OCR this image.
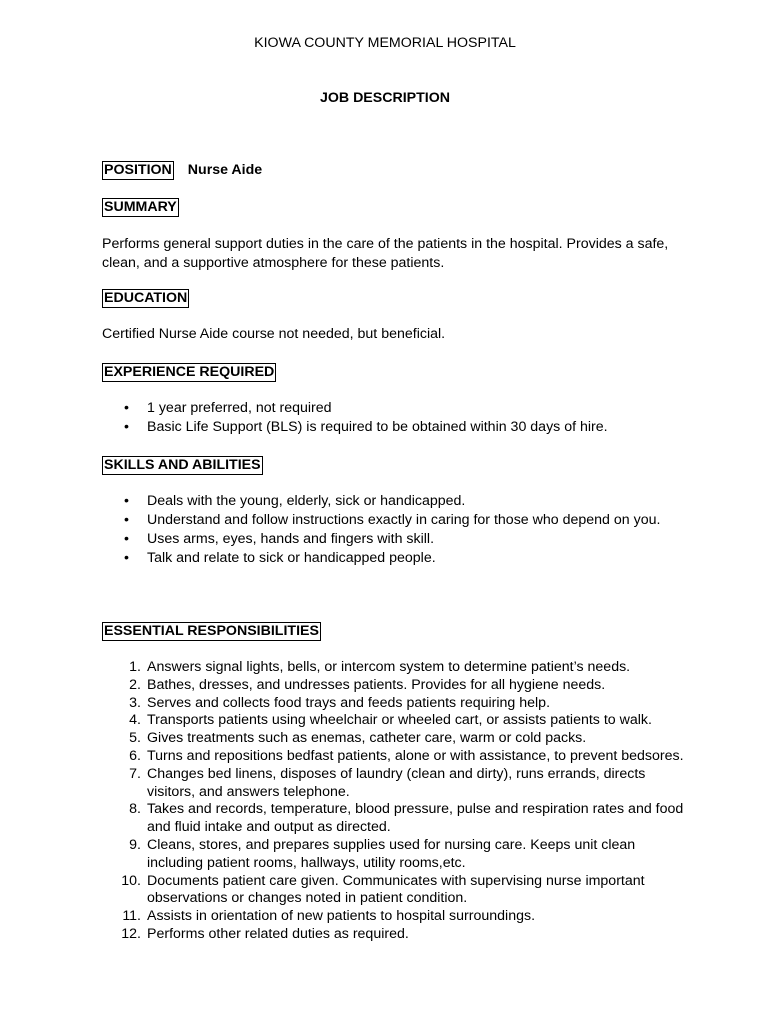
KIOWA COUNTY MEMORIAL HOSPITAL
JOB DESCRIPTION
POSITION Nurse Aide
SUMMARY

Performs general support duties in the care of the patients in the hospital. Provides a safe, clean, and a supportive atmosphere for these patients.

EDUCATION

Certified Nurse Aide course not needed, but beneficial.

EXPERIENCE REQUIRED
• 1 year preferred, not required
• Basic Life Support (BLS) is required to be obtained within 30 days of hire.
SKILLS AND ABILITIES
• Deals with the young, elderly, sick or handicapped.
• Understand and follow instructions exactly in caring for those who depend on you.
• Uses arms, eyes, hands and fingers with skill.
• Talk and relate to sick or handicapped people.
ESSENTIAL RESPONSIBILITIES
1. Answers signal lights, bells, or intercom system to determine patient’s needs.
2. Bathes, dresses, and undresses patients. Provides for all hygiene needs.
3. Serves and collects food trays and feeds patients requiring help.
4. Transports patients using wheelchair or wheeled cart, or assists patients to walk.
5. Gives treatments such as enemas, catheter care, warm or cold packs.
6. Turns and repositions bedfast patients, alone or with assistance, to prevent bedsores.
7. Changes bed linens, disposes of laundry (clean and dirty), runs errands, directs visitors, and answers telephone.
8. Takes and records, temperature, blood pressure, pulse and respiration rates and food and fluid intake and output as directed.
9. Cleans, stores, and prepares supplies used for nursing care. Keeps unit clean including patient rooms, hallways, utility rooms,etc.
10. Documents patient care given. Communicates with supervising nurse important observations or changes noted in patient condition.
11. Assists in orientation of new patients to hospital surroundings.
12. Performs other related duties as required.
